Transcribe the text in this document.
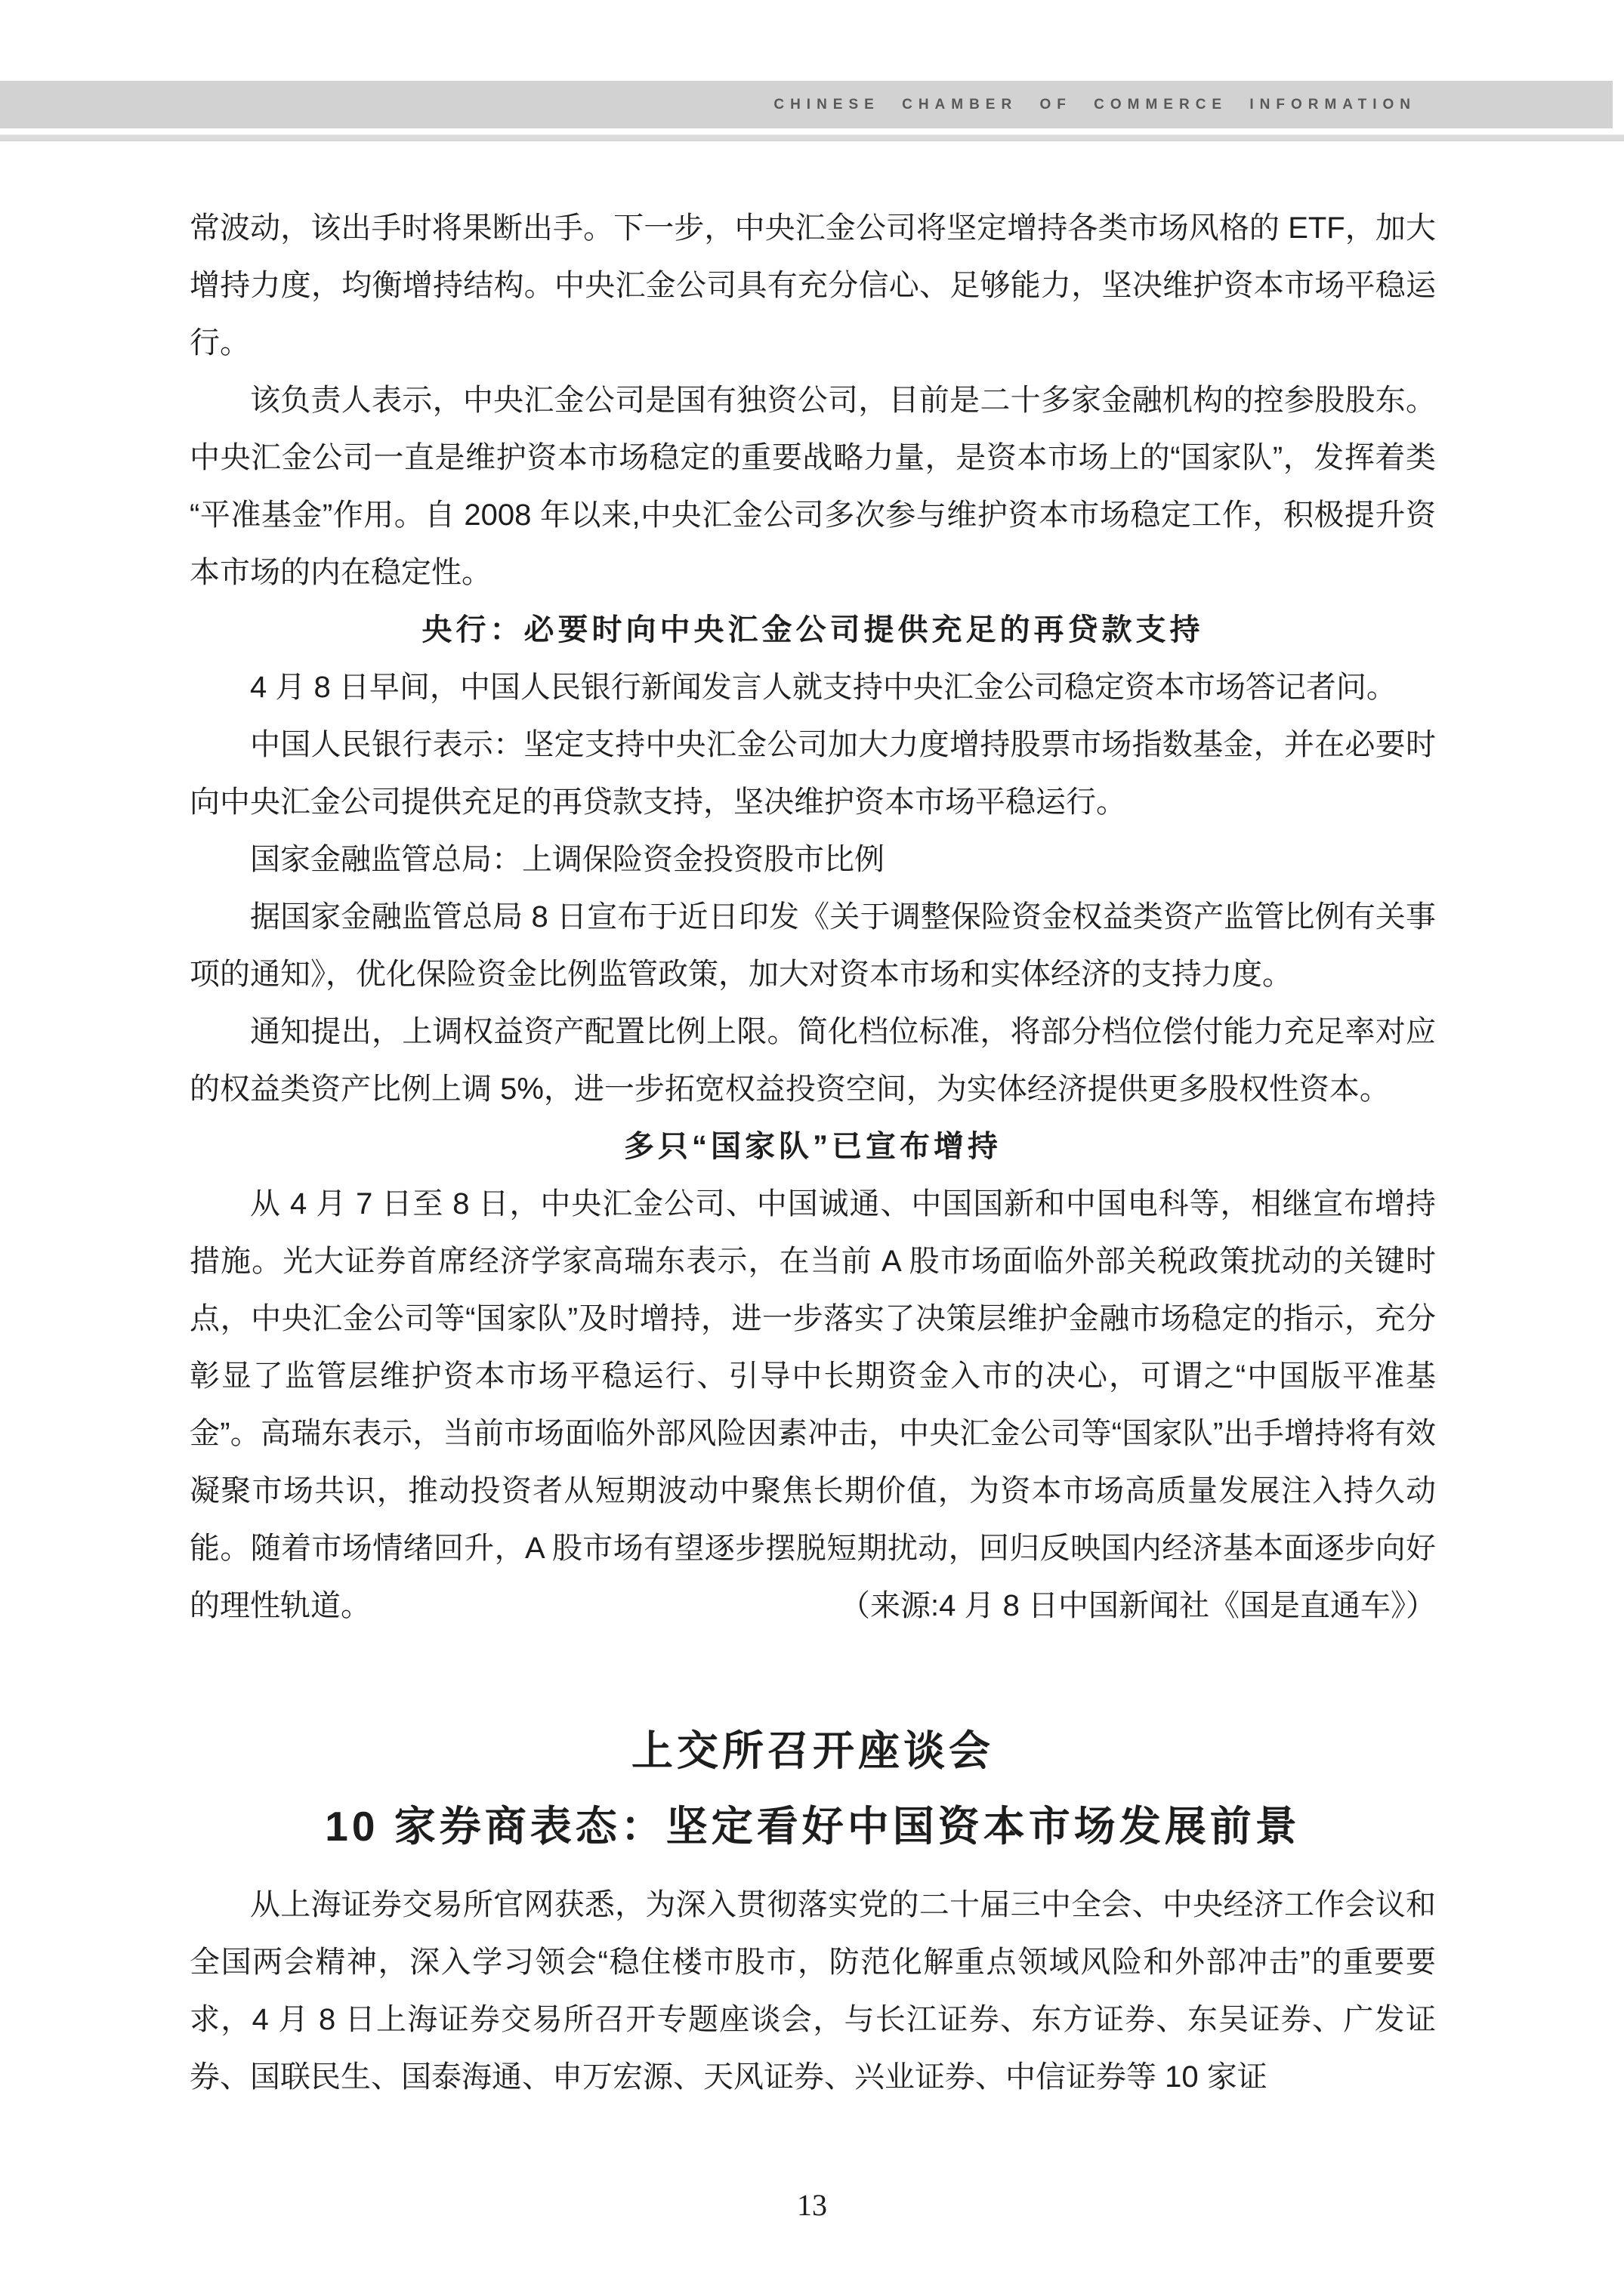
CHINESE CHAMBER OF COMMERCE INFORMATION

常波动，该出手时将果断出手。下一步，中央汇金公司将坚定增持各类市场风格的 ETF，加大增持力度，均衡增持结构。中央汇金公司具有充分信心、足够能力，坚决维护资本市场平稳运行。

该负责人表示，中央汇金公司是国有独资公司，目前是二十多家金融机构的控参股股东。中央汇金公司一直是维护资本市场稳定的重要战略力量，是资本市场上的“国家队”，发挥着类“平准基金”作用。自 2008 年以来,中央汇金公司多次参与维护资本市场稳定工作，积极提升资本市场的内在稳定性。

央行：必要时向中央汇金公司提供充足的再贷款支持

4 月 8 日早间，中国人民银行新闻发言人就支持中央汇金公司稳定资本市场答记者问。

中国人民银行表示：坚定支持中央汇金公司加大力度增持股票市场指数基金，并在必要时向中央汇金公司提供充足的再贷款支持，坚决维护资本市场平稳运行。

国家金融监管总局：上调保险资金投资股市比例

据国家金融监管总局 8 日宣布于近日印发《关于调整保险资金权益类资产监管比例有关事项的通知》，优化保险资金比例监管政策，加大对资本市场和实体经济的支持力度。

通知提出，上调权益资产配置比例上限。简化档位标准，将部分档位偿付能力充足率对应的权益类资产比例上调 5%，进一步拓宽权益投资空间，为实体经济提供更多股权性资本。

多只“国家队”已宣布增持

从 4 月 7 日至 8 日，中央汇金公司、中国诚通、中国国新和中国电科等，相继宣布增持措施。光大证券首席经济学家高瑞东表示，在当前 A 股市场面临外部关税政策扰动的关键时点，中央汇金公司等“国家队”及时增持，进一步落实了决策层维护金融市场稳定的指示，充分彰显了监管层维护资本市场平稳运行、引导中长期资金入市的决心，可谓之“中国版平准基金”。高瑞东表示，当前市场面临外部风险因素冲击，中央汇金公司等“国家队”出手增持将有效凝聚市场共识，推动投资者从短期波动中聚焦长期价值，为资本市场高质量发展注入持久动能。随着市场情绪回升，A 股市场有望逐步摆脱短期扰动，回归反映国内经济基本面逐步向好的理性轨道。	（来源:4 月 8 日中国新闻社《国是直通车》）

上交所召开座谈会
10 家券商表态：坚定看好中国资本市场发展前景

从上海证券交易所官网获悉，为深入贯彻落实党的二十届三中全会、中央经济工作会议和全国两会精神，深入学习领会“稳住楼市股市，防范化解重点领域风险和外部冲击”的重要要求，4 月 8 日上海证券交易所召开专题座谈会，与长江证券、东方证券、东吴证券、广发证券、国联民生、国泰海通、申万宏源、天风证券、兴业证券、中信证券等 10 家证

13
